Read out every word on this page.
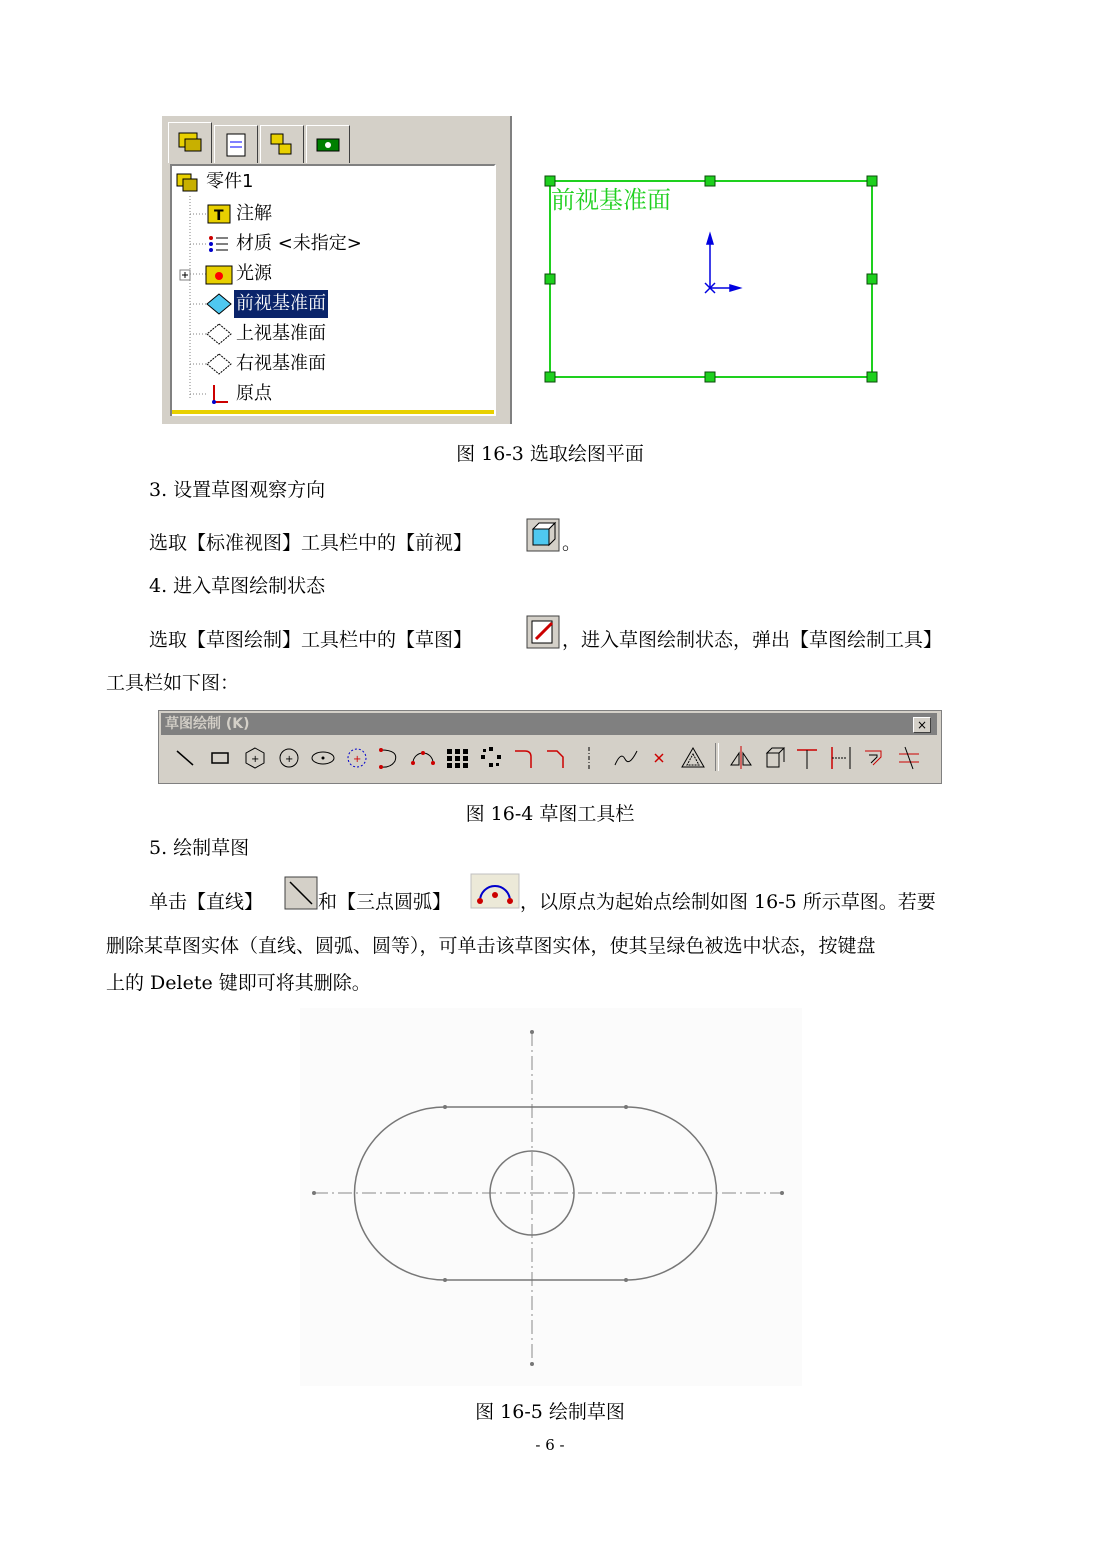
零件1
T 注解
材质 <未指定>
光源
前视基准面
上视基准面
右视基准面
原点
前视基准面
图 16-3 选取绘图平面
3. 设置草图观察方向
选取【标准视图】工具栏中的【前视】	。
4. 进入草图绘制状态
选取【草图绘制】工具栏中的【草图】	，进入草图绘制状态，弹出【草图绘制工具】
工具栏如下图：
草图绘制 (K)	×
+	+	+
图 16-4 草图工具栏
5. 绘制草图
单击【直线】	和【三点圆弧】	，以原点为起始点绘制如图 16-5 所示草图。若要
删除某草图实体（直线、圆弧、圆等），可单击该草图实体，使其呈绿色被选中状态，按键盘
上的 Delete 键即可将其删除。
图 16-5 绘制草图
- 6 -
